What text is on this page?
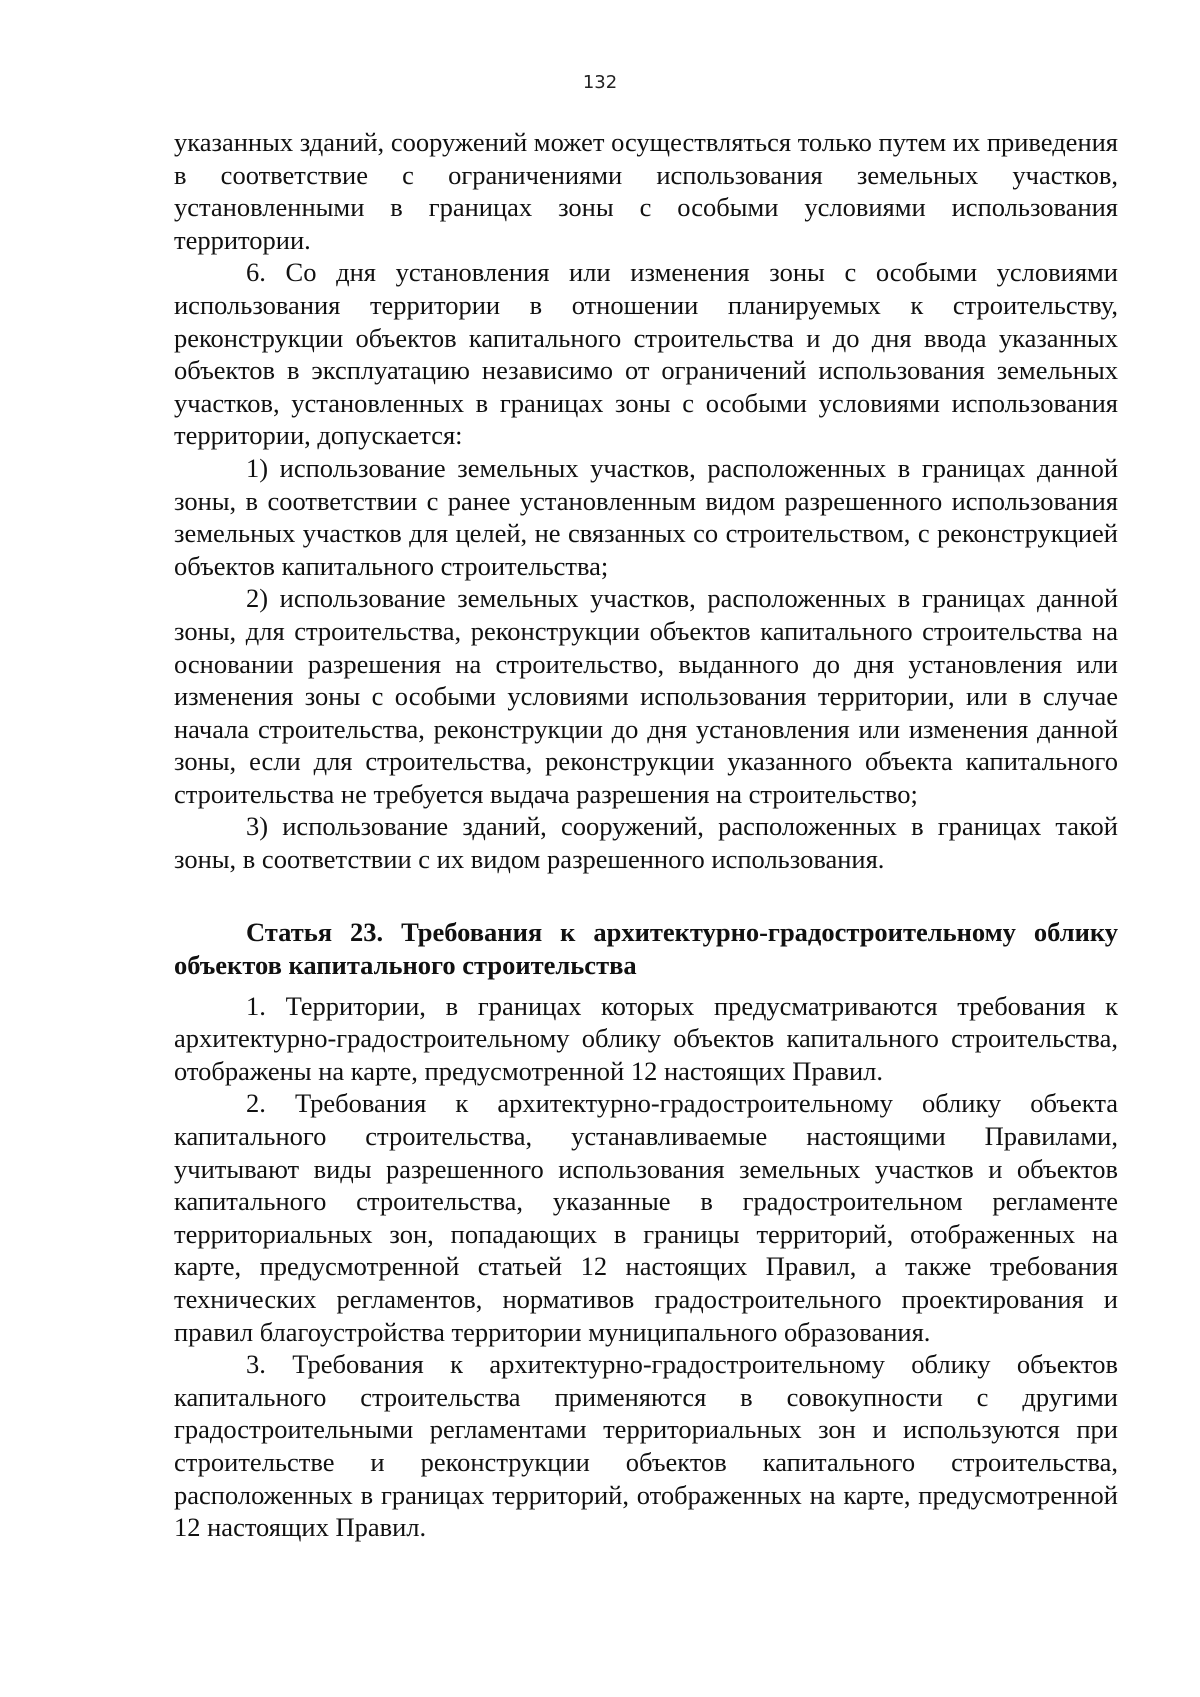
132

указанных зданий, сооружений может осуществляться только путем их приведения в соответствие с ограничениями использования земельных участков, установленными в границах зоны с особыми условиями использования территории.

6. Со дня установления или изменения зоны с особыми условиями использования территории в отношении планируемых к строительству, реконструкции объектов капитального строительства и до дня ввода указанных объектов в эксплуатацию независимо от ограничений использования земельных участков, установленных в границах зоны с особыми условиями использования территории, допускается:

1) использование земельных участков, расположенных в границах данной зоны, в соответствии с ранее установленным видом разрешенного использования земельных участков для целей, не связанных со строительством, с реконструкцией объектов капитального строительства;

2) использование земельных участков, расположенных в границах данной зоны, для строительства, реконструкции объектов капитального строительства на основании разрешения на строительство, выданного до дня установления или изменения зоны с особыми условиями использования территории, или в случае начала строительства, реконструкции до дня установления или изменения данной зоны, если для строительства, реконструкции указанного объекта капитального строительства не требуется выдача разрешения на строительство;

3) использование зданий, сооружений, расположенных в границах такой зоны, в соответствии с их видом разрешенного использования.

Статья 23. Требования к архитектурно-градостроительному облику объектов капитального строительства

1. Территории, в границах которых предусматриваются требования к архитектурно-градостроительному облику объектов капитального строительства, отображены на карте, предусмотренной 12 настоящих Правил.

2. Требования к архитектурно-градостроительному облику объекта капитального строительства, устанавливаемые настоящими Правилами, учитывают виды разрешенного использования земельных участков и объектов капитального строительства, указанные в градостроительном регламенте территориальных зон, попадающих в границы территорий, отображенных на карте, предусмотренной статьей 12 настоящих Правил, а также требования технических регламентов, нормативов градостроительного проектирования и правил благоустройства территории муниципального образования.

3. Требования к архитектурно-градостроительному облику объектов капитального строительства применяются в совокупности с другими градостроительными регламентами территориальных зон и используются при строительстве и реконструкции объектов капитального строительства, расположенных в границах территорий, отображенных на карте, предусмотренной 12 настоящих Правил.
